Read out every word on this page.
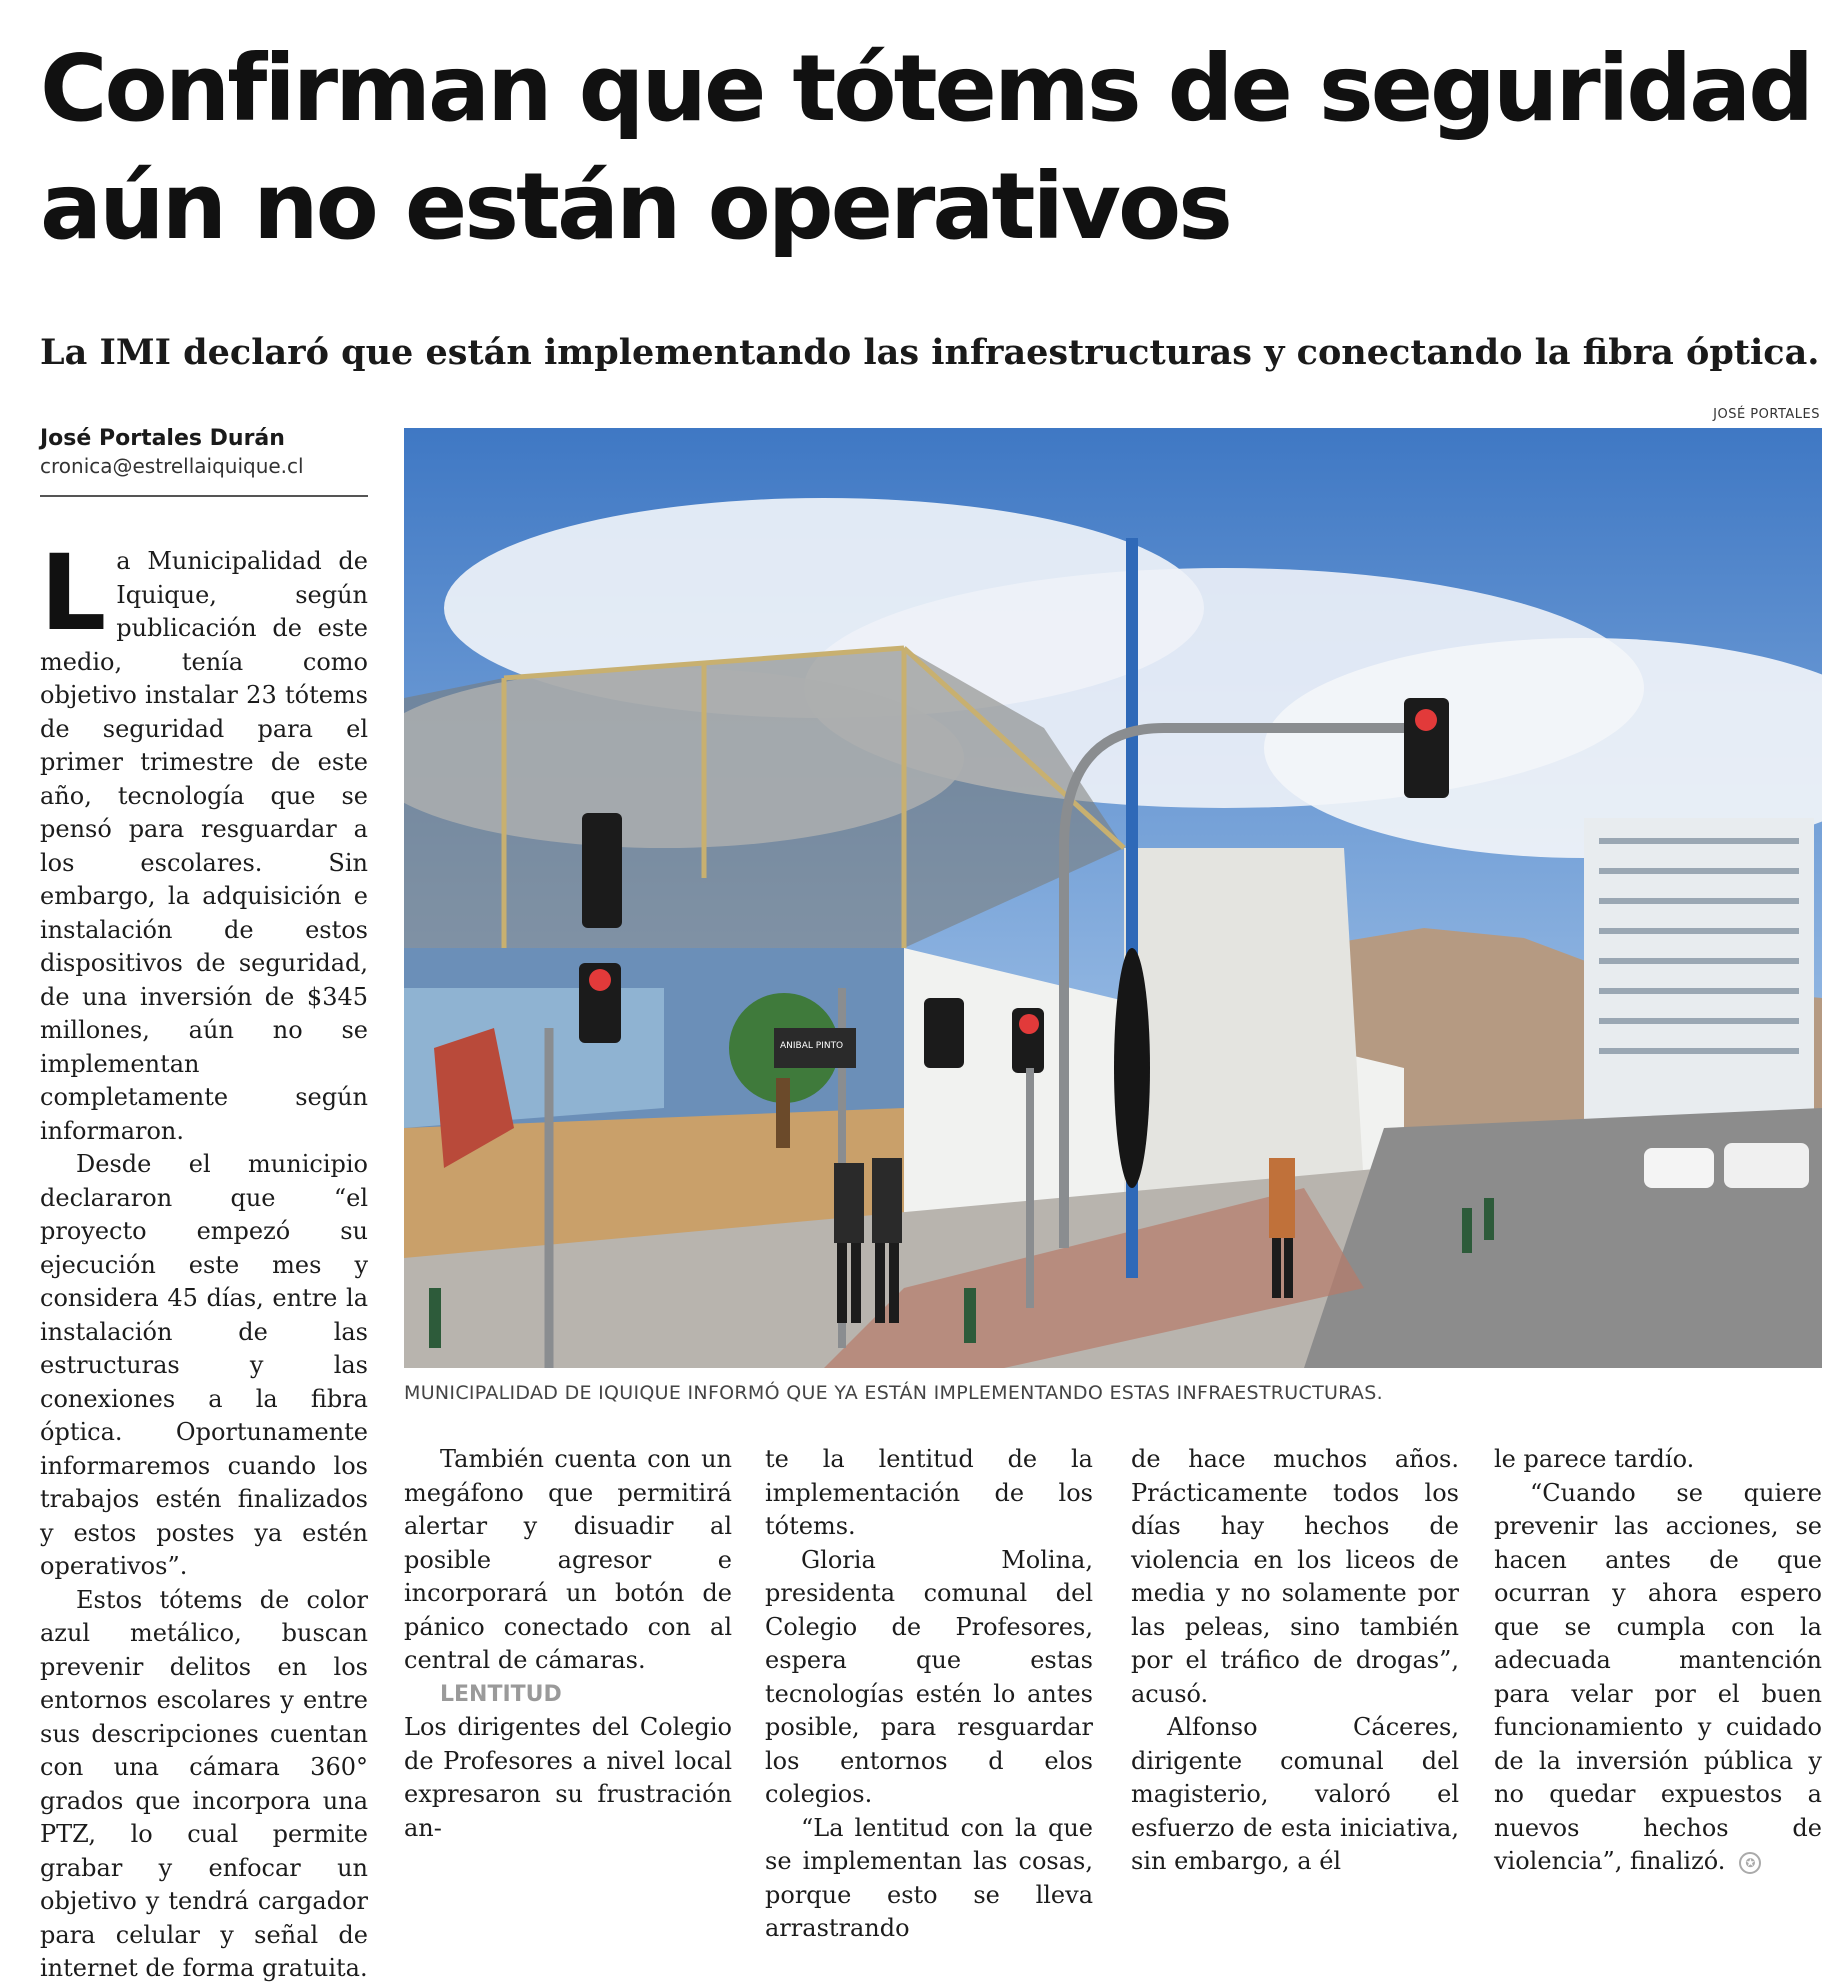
Confirman que tótems de seguridad aún no están operativos
La IMI declaró que están implementando las infraestructuras y conectando la fibra óptica.
José Portales Durán
cronica@estrellaiquique.cl
JOSÉ PORTALES
ANIBAL PINTO
MUNICIPALIDAD DE IQUIQUE INFORMÓ QUE YA ESTÁN IMPLEMENTANDO ESTAS INFRAESTRUCTURAS.

La Municipalidad de Iquique, según publicación de este medio, tenía como objetivo instalar 23 tótems de seguridad para el primer trimestre de este año, tecnología que se pensó para resguardar a los escolares. Sin embargo, la adquisición e instalación de estos dispositivos de seguridad, de una inversión de $345 millones, aún no se implementan completamente según informaron.

Desde el municipio declararon que “el proyecto empezó su ejecución este mes y considera 45 días, entre la instalación de las estructuras y las conexiones a la fibra óptica. Oportunamente informaremos cuando los trabajos estén finalizados y estos postes ya estén operativos”.

Estos tótems de color azul metálico, buscan prevenir delitos en los entornos escolares y entre sus descripciones cuentan con una cámara 360° grados que incorpora una PTZ, lo cual permite grabar y enfocar un objetivo y tendrá cargador para celular y señal de internet de forma gratuita.

También cuenta con un megáfono que permitirá alertar y disuadir al posible agresor e incorporará un botón de pánico conectado con al central de cámaras.

LENTITUD

Los dirigentes del Colegio de Profesores a nivel local expresaron su frustración an-

te la lentitud de la implementación de los tótems.

Gloria Molina, presidenta comunal del Colegio de Profesores, espera que estas tecnologías estén lo antes posible, para resguardar los entornos d elos colegios.

“La lentitud con la que se implementan las cosas, porque esto se lleva arrastrando

de hace muchos años. Prácticamente todos los días hay hechos de violencia en los liceos de media y no solamente por las peleas, sino también por el tráfico de drogas”, acusó.

Alfonso Cáceres, dirigente comunal del magisterio, valoró el esfuerzo de esta iniciativa, sin embargo, a él

le parece tardío.

“Cuando se quiere prevenir las acciones, se hacen antes de que ocurran y ahora espero que se cumpla con la adecuada mantención para velar por el buen funcionamiento y cuidado de la inversión pública y no quedar expuestos a nuevos hechos de violencia”, finalizó. ✪
